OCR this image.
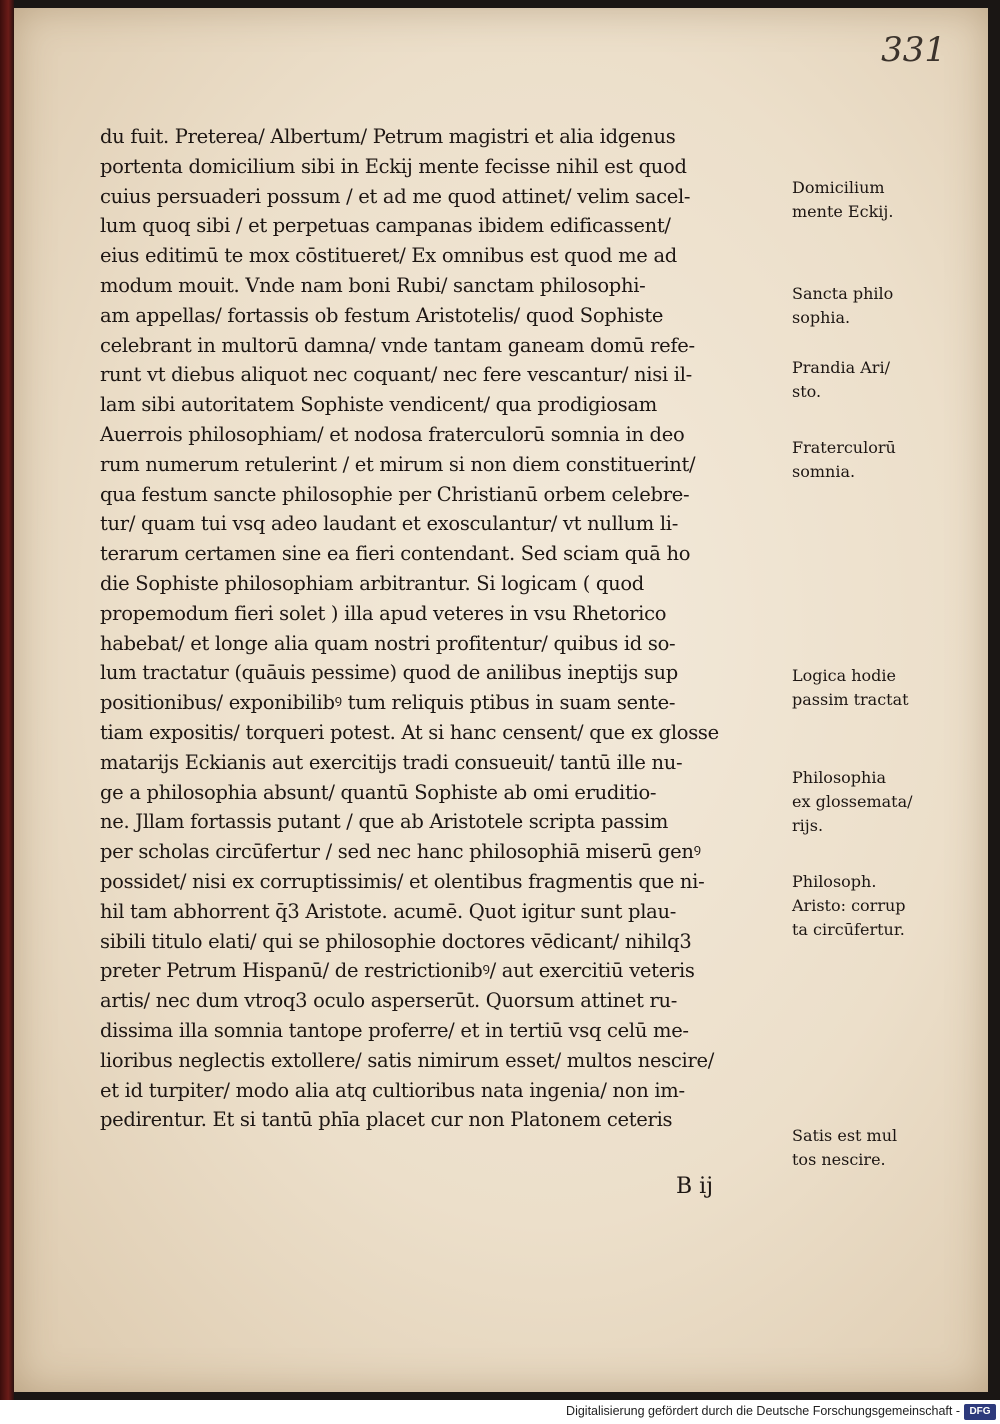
331
du fuit. Preterea/ Albertum/ Petrum magistri et alia idgenus
portenta domicilium sibi in Eckij mente fecisse nihil est quod
cuius persuaderi possum / et ad me quod attinet/ velim sacel-
lum quoq sibi / et perpetuas campanas ibidem edificassent/
eius editimū te mox cōstitueret/ Ex omnibus est quod me ad
modum mouit. Vnde nam boni Rubi/ sanctam philosophi-
am appellas/ fortassis ob festum Aristotelis/ quod Sophiste
celebrant in multorū damna/ vnde tantam ganeam domū refe-
runt vt diebus aliquot nec coquant/ nec fere vescantur/ nisi il-
lam sibi autoritatem Sophiste vendicent/ qua prodigiosam
Auerrois philosophiam/ et nodosa fraterculorū somnia in deo
rum numerum retulerint / et mirum si non diem constituerint/
qua festum sancte philosophie per Christianū orbem celebre-
tur/ quam tui vsq adeo laudant et exosculantur/ vt nullum li-
terarum certamen sine ea fieri contendant. Sed sciam quā ho
die Sophiste philosophiam arbitrantur. Si logicam ( quod
propemodum fieri solet ) illa apud veteres in vsu Rhetorico
habebat/ et longe alia quam nostri profitentur/ quibus id so-
lum tractatur (quāuis pessime) quod de anilibus ineptijs sup
positionibus/ exponibilibꝰ tum reliquis ptibus in suam sente-
tiam expositis/ torqueri potest. At si hanc censent/ que ex glosse
matarijs Eckianis aut exercitijs tradi consueuit/ tantū ille nu-
ge a philosophia absunt/ quantū Sophiste ab omi eruditio-
ne. Jllam fortassis putant / que ab Aristotele scripta passim
per scholas circūfertur / sed nec hanc philosophiā miserū genꝰ
possidet/ nisi ex corruptissimis/ et olentibus fragmentis que ni-
hil tam abhorrent q̄3 Aristote. acumē. Quot igitur sunt plau-
sibili titulo elati/ qui se philosophie doctores vēdicant/ nihilq3
preter Petrum Hispanū/ de restrictionibꝰ/ aut exercitiū veteris
artis/ nec dum vtroq3 oculo asperserūt. Quorsum attinet ru-
dissima illa somnia tantope proferre/ et in tertiū vsq celū me-
lioribus neglectis extollere/ satis nimirum esset/ multos nescire/
et id turpiter/ modo alia atq cultioribus nata ingenia/ non im-
pedirentur. Et si tantū phīa placet cur non Platonem ceteris
B ij
Domicilium
mente Eckij.
Sancta philo
sophia.
Prandia Ari/
sto.
Fraterculorū
somnia.
Logica hodie
passim tractat
Philosophia
ex glossemata/
rijs.
Philosoph.
Aristo: corrup
ta circūfertur.
Satis est mul
tos nescire.
Digitalisierung gefördert durch die Deutsche Forschungsgemeinschaft - DFG
